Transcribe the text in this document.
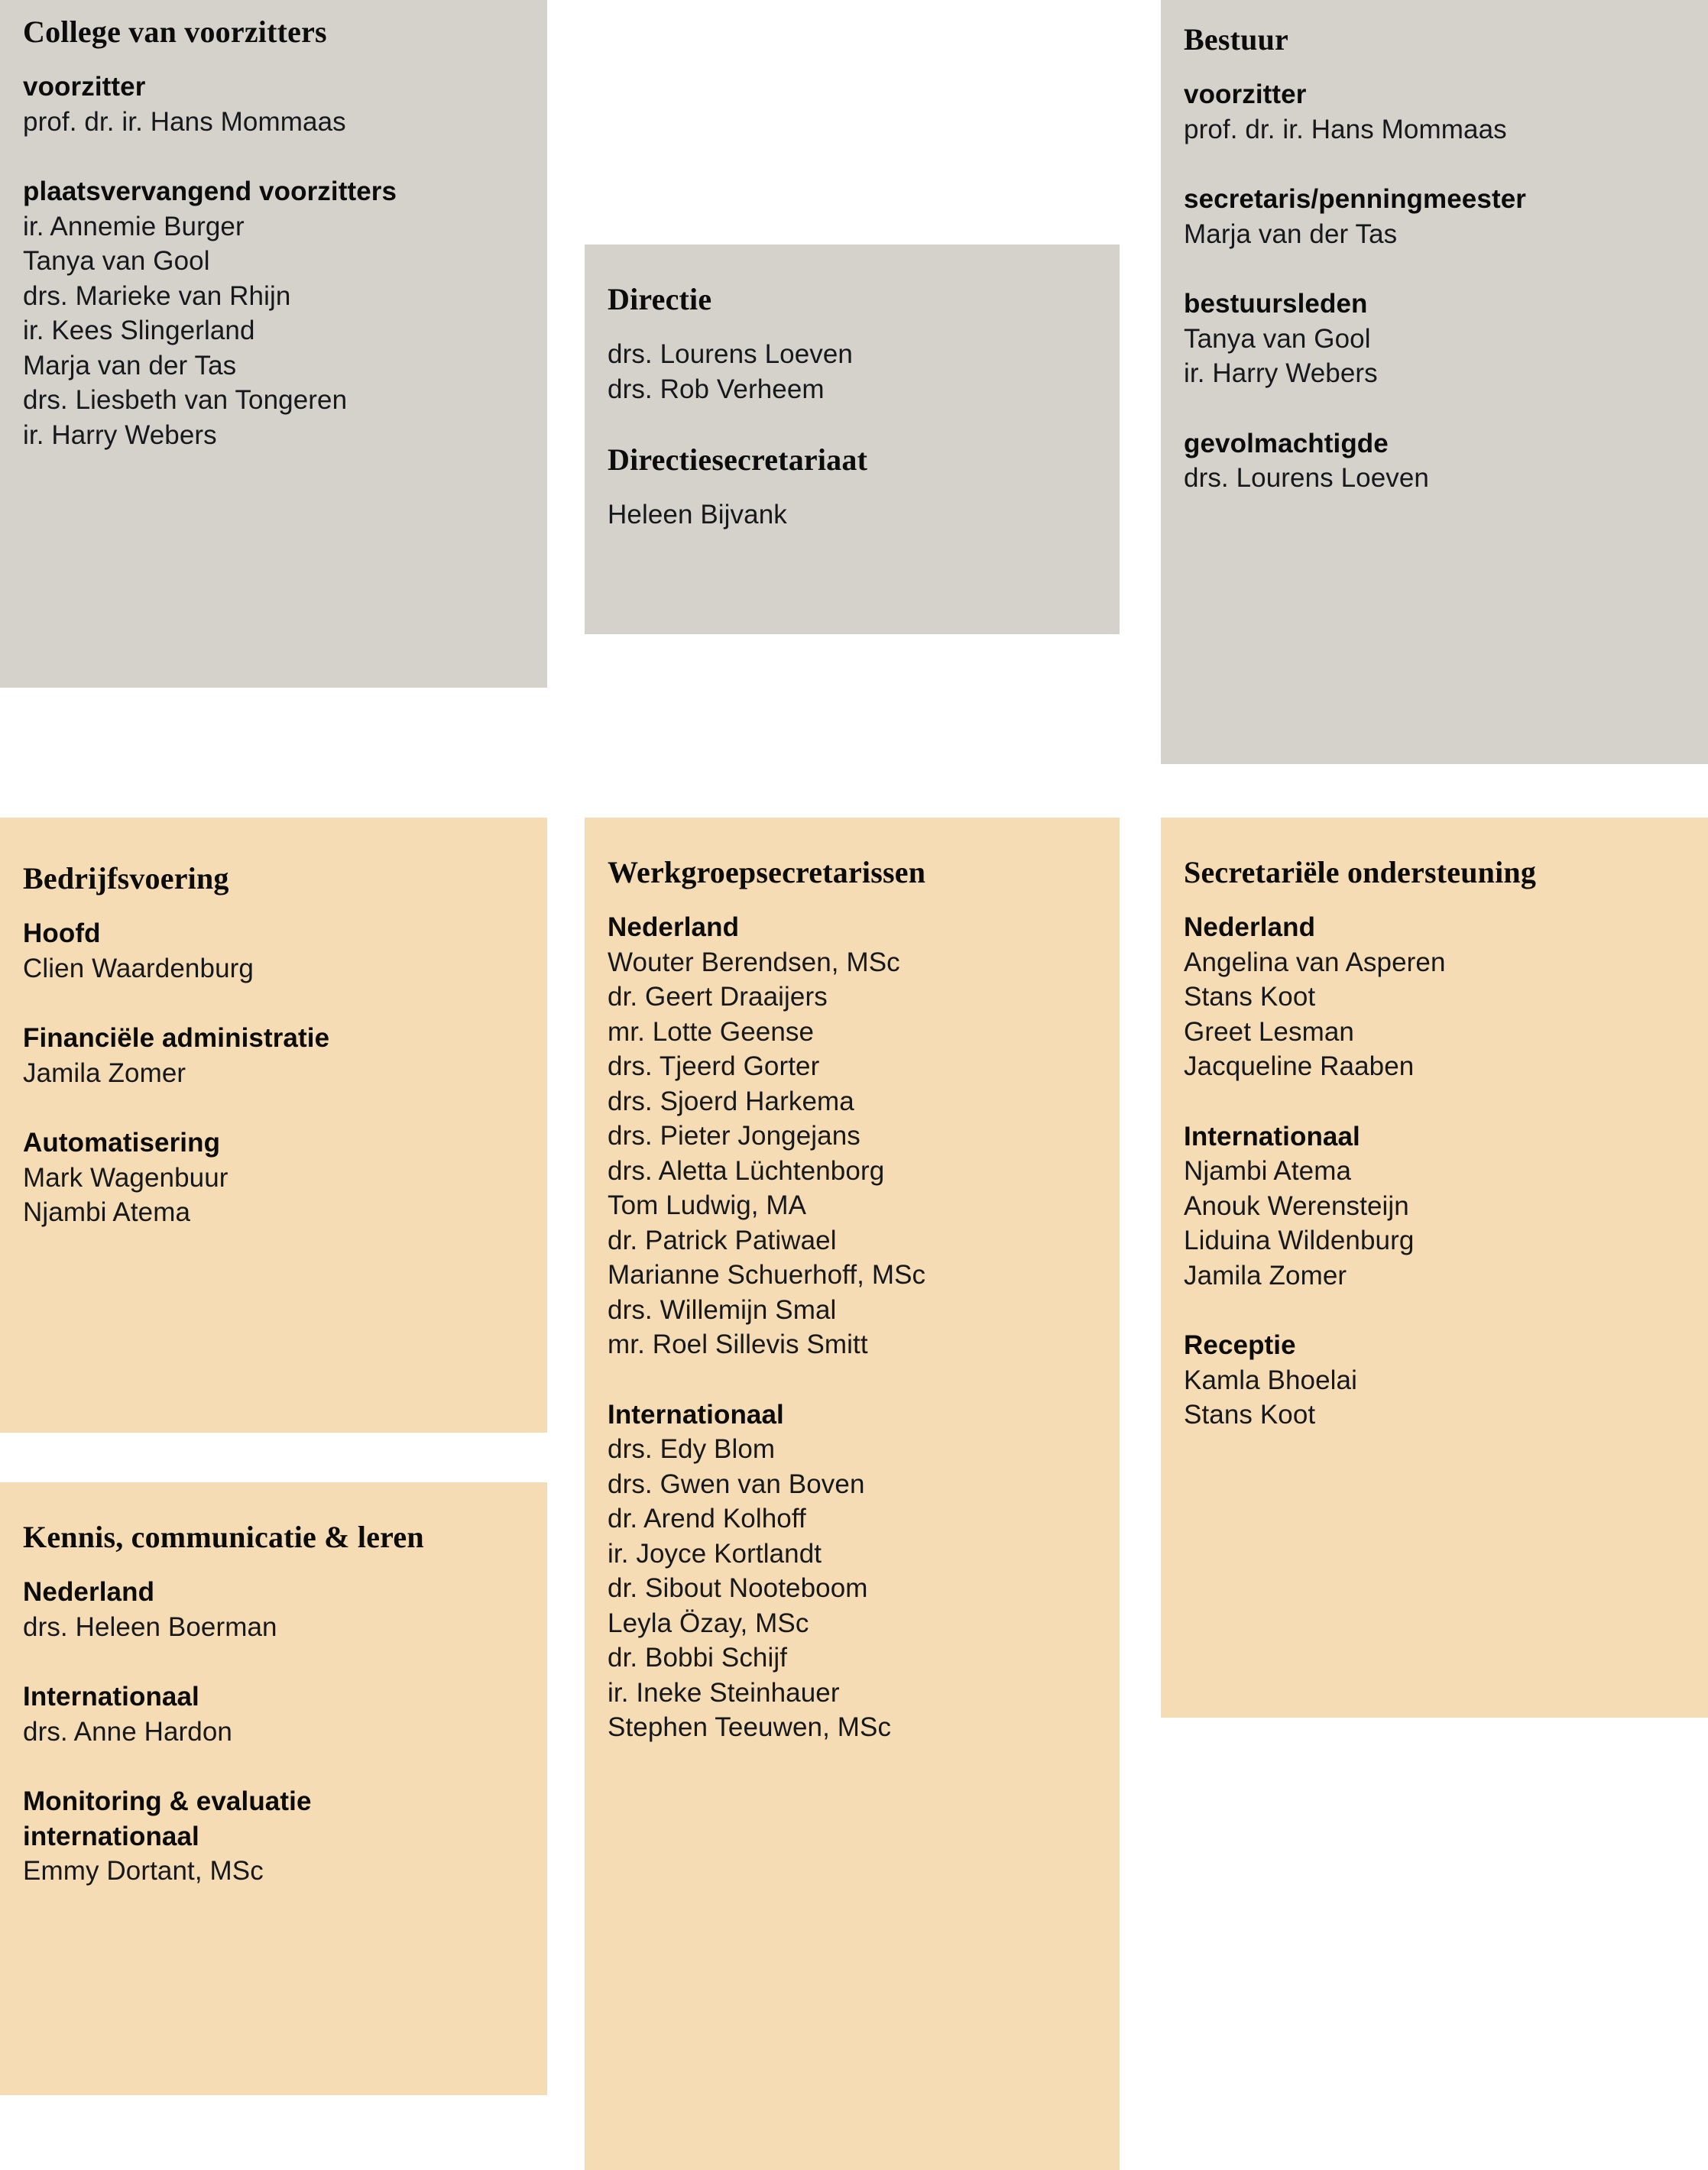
College van voorzitters
voorzitter
prof. dr. ir. Hans Mommaas
plaatsvervangend voorzitters
ir. Annemie Burger
Tanya van Gool
drs. Marieke van Rhijn
ir. Kees Slingerland
Marja van der Tas
drs. Liesbeth van Tongeren
ir. Harry Webers
Directie
drs. Lourens Loeven
drs. Rob Verheem
Directiesecretariaat
Heleen Bijvank
Bestuur
voorzitter
prof. dr. ir. Hans Mommaas
secretaris/penningmeester
Marja van der Tas
bestuursleden
Tanya van Gool
ir. Harry Webers
gevolmachtigde
drs. Lourens Loeven
Bedrijfsvoering
Hoofd
Clien Waardenburg
Financiële administratie
Jamila Zomer
Automatisering
Mark Wagenbuur
Njambi Atema
Kennis, communicatie & leren
Nederland
drs. Heleen Boerman
Internationaal
drs. Anne Hardon
Monitoring & evaluatie
internationaal
Emmy Dortant, MSc
Werkgroepsecretarissen
Nederland
Wouter Berendsen, MSc
dr. Geert Draaijers
mr. Lotte Geense
drs. Tjeerd Gorter
drs. Sjoerd Harkema
drs. Pieter Jongejans
drs. Aletta Lüchtenborg
Tom Ludwig, MA
dr. Patrick Patiwael
Marianne Schuerhoff, MSc
drs. Willemijn Smal
mr. Roel Sillevis Smitt
Internationaal
drs. Edy Blom
drs. Gwen van Boven
dr. Arend Kolhoff
ir. Joyce Kortlandt
dr. Sibout Nooteboom
Leyla Özay, MSc
dr. Bobbi Schijf
ir. Ineke Steinhauer
Stephen Teeuwen, MSc
Secretariële ondersteuning
Nederland
Angelina van Asperen
Stans Koot
Greet Lesman
Jacqueline Raaben
Internationaal
Njambi Atema
Anouk Werensteijn
Liduina Wildenburg
Jamila Zomer
Receptie
Kamla Bhoelai
Stans Koot
